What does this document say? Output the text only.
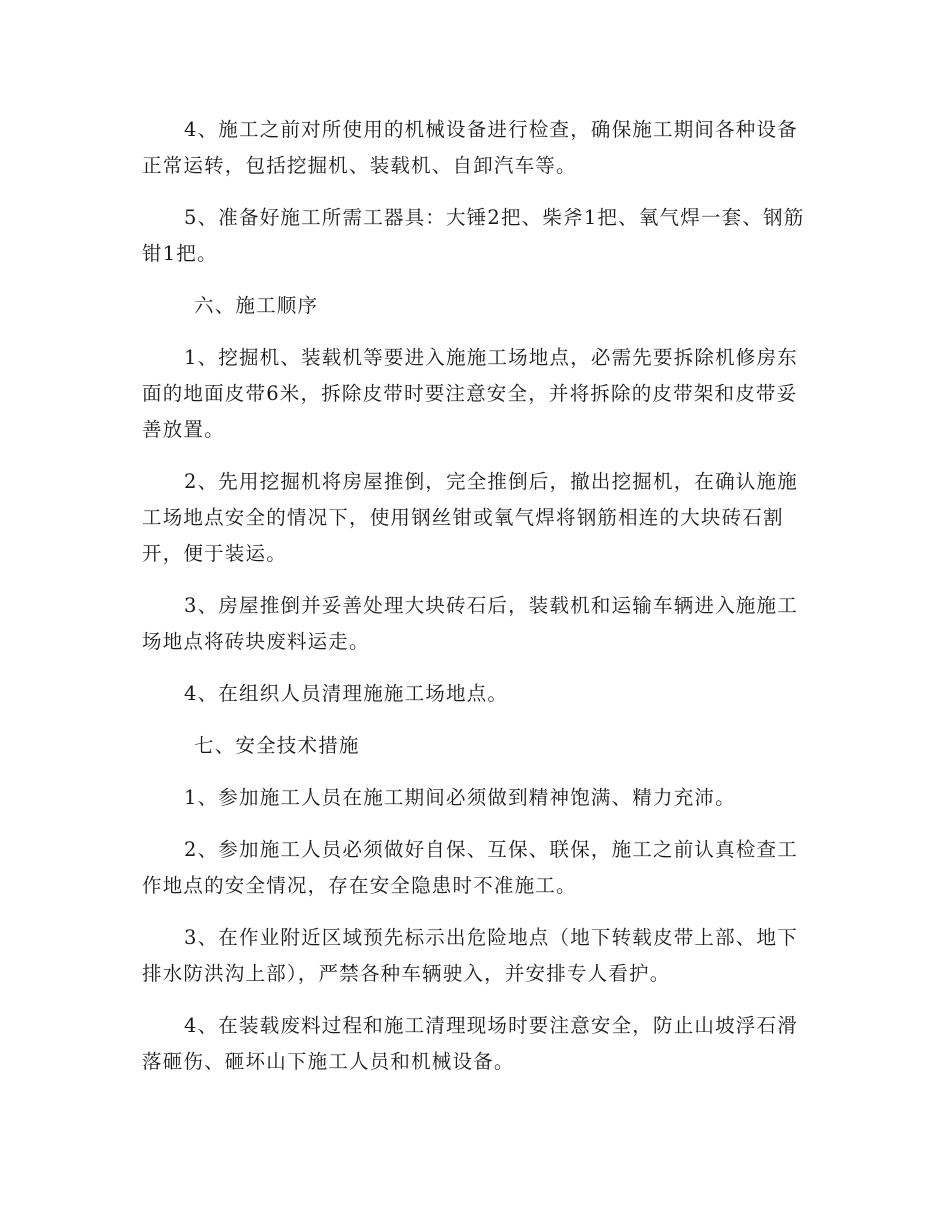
4、施工之前对所使用的机械设备进行检查，确保施工期间各种设备正常运转，包括挖掘机、装载机、自卸汽车等。

5、准备好施工所需工器具：大锤2把、柴斧1把、氧气焊一套、钢筋钳1把。

六、施工顺序

1、挖掘机、装载机等要进入施施工场地点，必需先要拆除机修房东面的地面皮带6米，拆除皮带时要注意安全，并将拆除的皮带架和皮带妥善放置。

2、先用挖掘机将房屋推倒，完全推倒后，撤出挖掘机，在确认施施工场地点安全的情况下，使用钢丝钳或氧气焊将钢筋相连的大块砖石割开，便于装运。

3、房屋推倒并妥善处理大块砖石后，装载机和运输车辆进入施施工场地点将砖块废料运走。

4、在组织人员清理施施工场地点。

七、安全技术措施

1、参加施工人员在施工期间必须做到精神饱满、精力充沛。

2、参加施工人员必须做好自保、互保、联保，施工之前认真检查工作地点的安全情况，存在安全隐患时不准施工。

3、在作业附近区域预先标示出危险地点（地下转载皮带上部、地下排水防洪沟上部），严禁各种车辆驶入，并安排专人看护。

4、在装载废料过程和施工清理现场时要注意安全，防止山坡浮石滑落砸伤、砸坏山下施工人员和机械设备。
